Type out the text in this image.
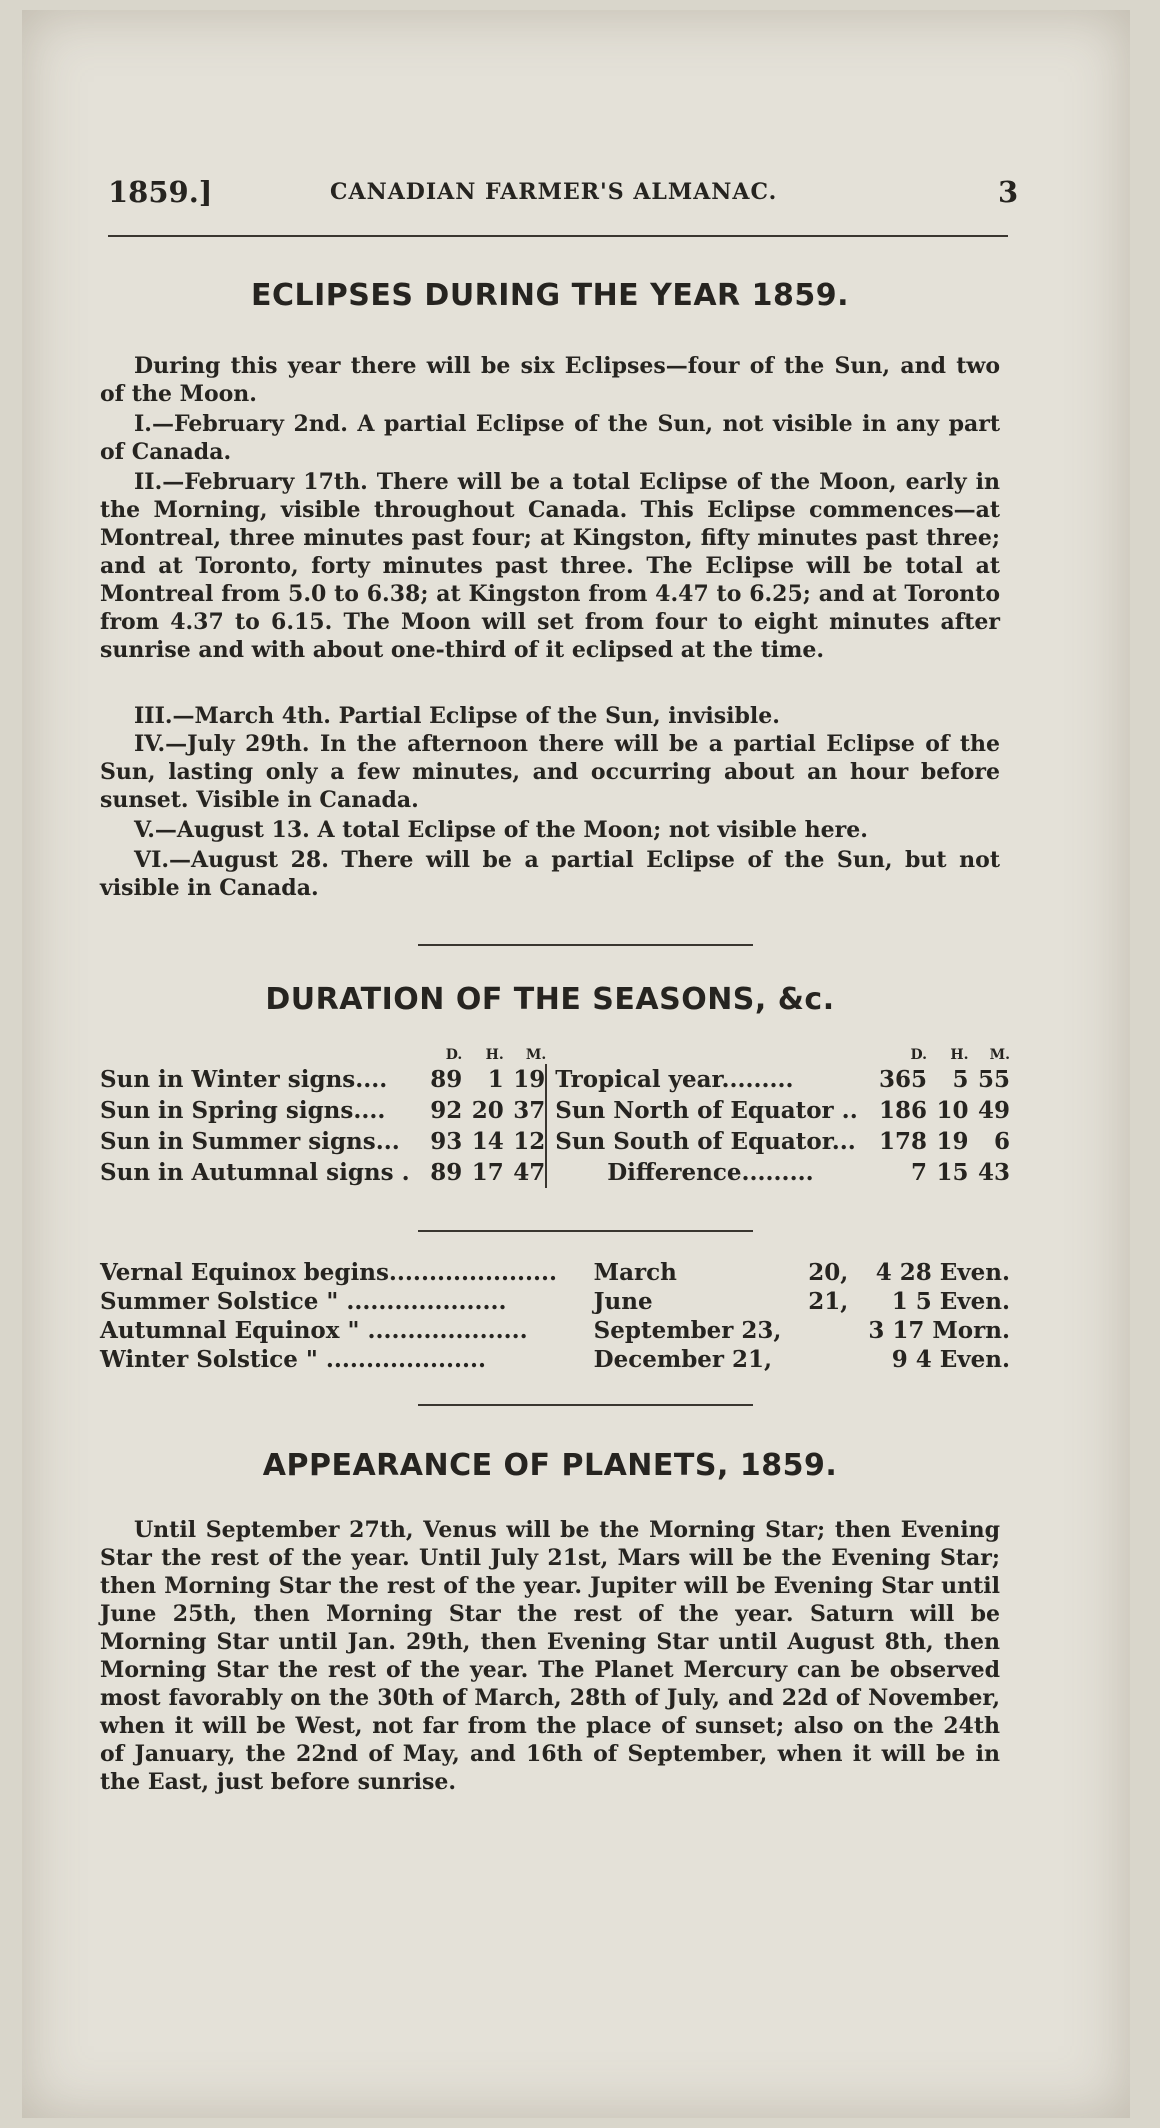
1859.]	CANADIAN FARMER'S ALMANAC.	3
ECLIPSES DURING THE YEAR 1859.

During this year there will be six Eclipses—four of the Sun, and two of the Moon.

I.—February 2nd. A partial Eclipse of the Sun, not visible in any part of Canada.

II.—February 17th. There will be a total Eclipse of the Moon, early in the Morning, visible throughout Canada. This Eclipse commences—at Montreal, three minutes past four; at Kingston, fifty minutes past three; and at Toronto, forty minutes past three. The Eclipse will be total at Montreal from 5.0 to 6.38; at Kingston from 4.47 to 6.25; and at Toronto from 4.37 to 6.15. The Moon will set from four to eight minutes after sunrise and with about one-third of it eclipsed at the time.

III.—March 4th. Partial Eclipse of the Sun, invisible.

IV.—July 29th. In the afternoon there will be a partial Eclipse of the Sun, lasting only a few minutes, and occurring about an hour before sunset. Visible in Canada.

V.—August 13. A total Eclipse of the Moon; not visible here.

VI.—August 28. There will be a partial Eclipse of the Sun, but not visible in Canada.

DURATION OF THE SEASONS, &c.
	D.	H.	M.		D.	H.	M.
Sun in Winter signs....	89	1	19	Tropical year.........	365	5	55
Sun in Spring signs....	92	20	37	Sun North of Equator ..	186	10	49
Sun in Summer signs...	93	14	12	Sun South of Equator...	178	19	6
Sun in Autumnal signs .	89	17	47	Difference.........	7	15	43
Vernal Equinox begins.....................	March	20,	4 28 Even.
Summer Solstice " ....................	June	21,	1 5 Even.
Autumnal Equinox " ....................	September 23,		3 17 Morn.
Winter Solstice " ....................	December 21,		9 4 Even.
APPEARANCE OF PLANETS, 1859.

Until September 27th, Venus will be the Morning Star; then Evening Star the rest of the year. Until July 21st, Mars will be the Evening Star; then Morning Star the rest of the year. Jupiter will be Evening Star until June 25th, then Morning Star the rest of the year. Saturn will be Morning Star until Jan. 29th, then Evening Star until August 8th, then Morning Star the rest of the year. The Planet Mercury can be observed most favorably on the 30th of March, 28th of July, and 22d of November, when it will be West, not far from the place of sunset; also on the 24th of January, the 22nd of May, and 16th of September, when it will be in the East, just before sunrise.
